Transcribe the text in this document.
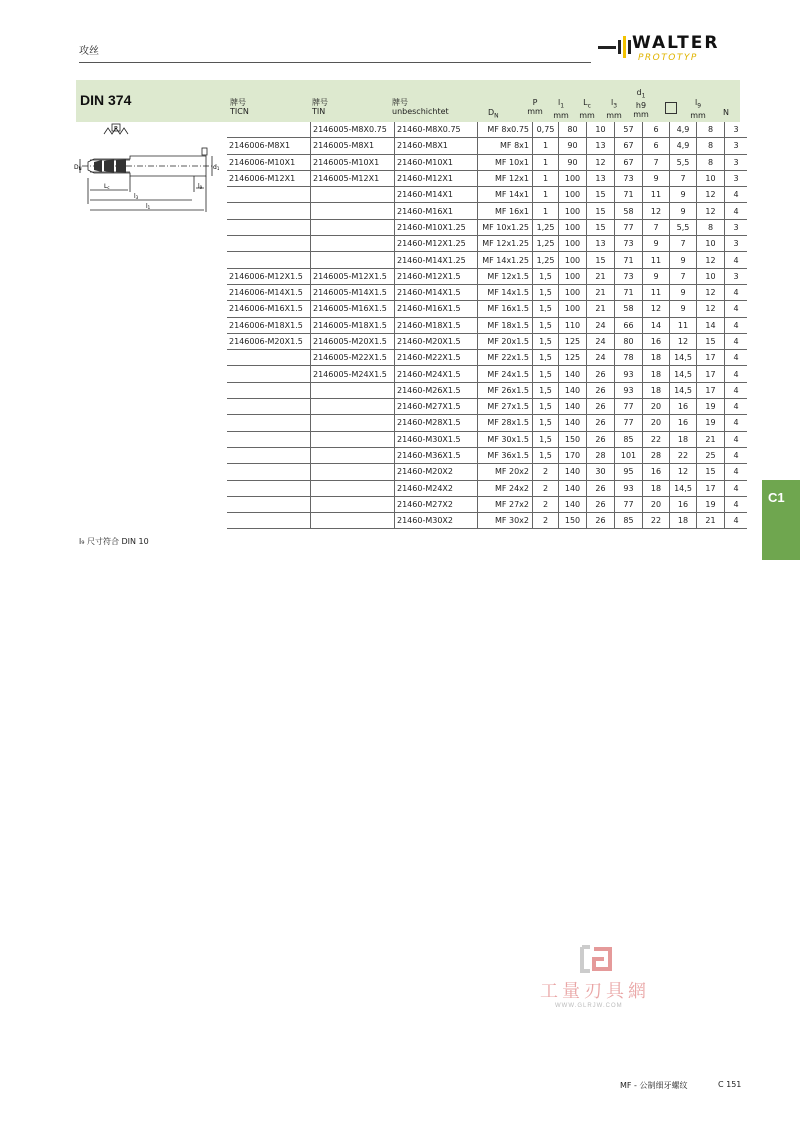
攻丝	WALTER
PROTOTYP
DIN 374	牌号
TICN
牌号
TIN
牌号
unbeschichtet	$D_N$
P
mm
$l_1$
mm
$L_c$
mm
$l_3$
mm
$d_1$
h9
mm
$l_9$
mm	N
P
DN	d1
Lc	l9
l3
l1
	2146005-M8X0.75	21460-M8X0.75	MF 8x0.75	0,75	80	10	57	6	4,9	8	3
2146006-M8X1	2146005-M8X1	21460-M8X1	MF 8x1	1	90	13	67	6	4,9	8	3
2146006-M10X1	2146005-M10X1	21460-M10X1	MF 10x1	1	90	12	67	7	5,5	8	3
2146006-M12X1	2146005-M12X1	21460-M12X1	MF 12x1	1	100	13	73	9	7	10	3
		21460-M14X1	MF 14x1	1	100	15	71	11	9	12	4
		21460-M16X1	MF 16x1	1	100	15	58	12	9	12	4
		21460-M10X1.25	MF 10x1.25	1,25	100	15	77	7	5,5	8	3
		21460-M12X1.25	MF 12x1.25	1,25	100	13	73	9	7	10	3
		21460-M14X1.25	MF 14x1.25	1,25	100	15	71	11	9	12	4
2146006-M12X1.5	2146005-M12X1.5	21460-M12X1.5	MF 12x1.5	1,5	100	21	73	9	7	10	3
2146006-M14X1.5	2146005-M14X1.5	21460-M14X1.5	MF 14x1.5	1,5	100	21	71	11	9	12	4
2146006-M16X1.5	2146005-M16X1.5	21460-M16X1.5	MF 16x1.5	1,5	100	21	58	12	9	12	4
2146006-M18X1.5	2146005-M18X1.5	21460-M18X1.5	MF 18x1.5	1,5	110	24	66	14	11	14	4
2146006-M20X1.5	2146005-M20X1.5	21460-M20X1.5	MF 20x1.5	1,5	125	24	80	16	12	15	4
	2146005-M22X1.5	21460-M22X1.5	MF 22x1.5	1,5	125	24	78	18	14,5	17	4
	2146005-M24X1.5	21460-M24X1.5	MF 24x1.5	1,5	140	26	93	18	14,5	17	4
		21460-M26X1.5	MF 26x1.5	1,5	140	26	93	18	14,5	17	4
		21460-M27X1.5	MF 27x1.5	1,5	140	26	77	20	16	19	4
		21460-M28X1.5	MF 28x1.5	1,5	140	26	77	20	16	19	4
		21460-M30X1.5	MF 30x1.5	1,5	150	26	85	22	18	21	4
		21460-M36X1.5	MF 36x1.5	1,5	170	28	101	28	22	25	4
		21460-M20X2	MF 20x2	2	140	30	95	16	12	15	4
		21460-M24X2	MF 24x2	2	140	26	93	18	14,5	17	4
		21460-M27X2	MF 27x2	2	140	26	77	20	16	19	4
		21460-M30X2	MF 30x2	2	150	26	85	22	18	21	4
l₉ 尺寸符合 DIN 10
C1
工量刃具網
WWW.GLRJW.COM
MF - 公制细牙螺纹	C 151
